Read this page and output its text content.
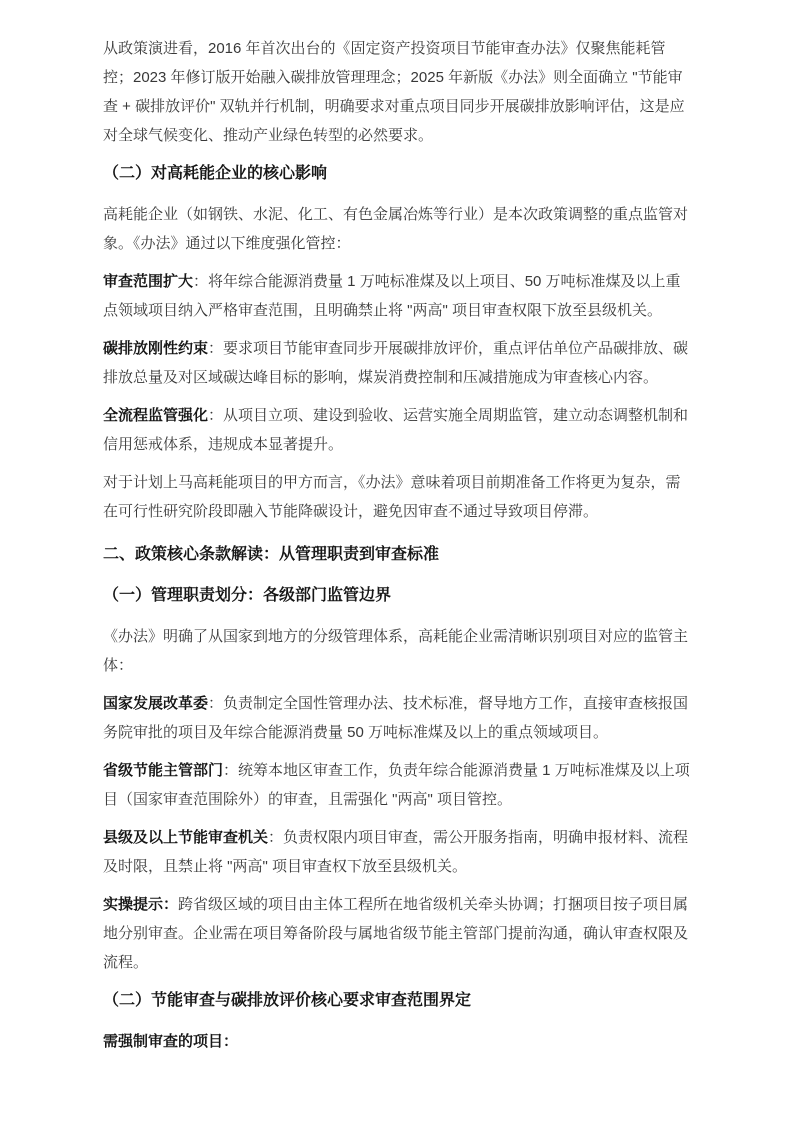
从政策演进看，2016 年首次出台的《固定资产投资项目节能审查办法》仅聚焦能耗管控；2023 年修订版开始融入碳排放管理理念；2025 年新版《办法》则全面确立 "节能审查 + 碳排放评价" 双轨并行机制，明确要求对重点项目同步开展碳排放影响评估，这是应对全球气候变化、推动产业绿色转型的必然要求。

（二）对高耗能企业的核心影响

高耗能企业（如钢铁、水泥、化工、有色金属冶炼等行业）是本次政策调整的重点监管对象。《办法》通过以下维度强化管控：

审查范围扩大：将年综合能源消费量 1 万吨标准煤及以上项目、50 万吨标准煤及以上重点领域项目纳入严格审查范围，且明确禁止将 "两高" 项目审查权限下放至县级机关。

碳排放刚性约束：要求项目节能审查同步开展碳排放评价，重点评估单位产品碳排放、碳排放总量及对区域碳达峰目标的影响，煤炭消费控制和压减措施成为审查核心内容。

全流程监管强化：从项目立项、建设到验收、运营实施全周期监管，建立动态调整机制和信用惩戒体系，违规成本显著提升。

对于计划上马高耗能项目的甲方而言，《办法》意味着项目前期准备工作将更为复杂，需在可行性研究阶段即融入节能降碳设计，避免因审查不通过导致项目停滞。

二、政策核心条款解读：从管理职责到审查标准
（一）管理职责划分：各级部门监管边界

《办法》明确了从国家到地方的分级管理体系，高耗能企业需清晰识别项目对应的监管主体：

国家发展改革委：负责制定全国性管理办法、技术标准，督导地方工作，直接审查核报国务院审批的项目及年综合能源消费量 50 万吨标准煤及以上的重点领域项目。

省级节能主管部门：统筹本地区审查工作，负责年综合能源消费量 1 万吨标准煤及以上项目（国家审查范围除外）的审查，且需强化 "两高" 项目管控。

县级及以上节能审查机关：负责权限内项目审查，需公开服务指南，明确申报材料、流程及时限，且禁止将 "两高" 项目审查权下放至县级机关。

实操提示：跨省级区域的项目由主体工程所在地省级机关牵头协调；打捆项目按子项目属地分别审查。企业需在项目筹备阶段与属地省级节能主管部门提前沟通，确认审查权限及流程。

（二）节能审查与碳排放评价核心要求审查范围界定

需强制审查的项目：
